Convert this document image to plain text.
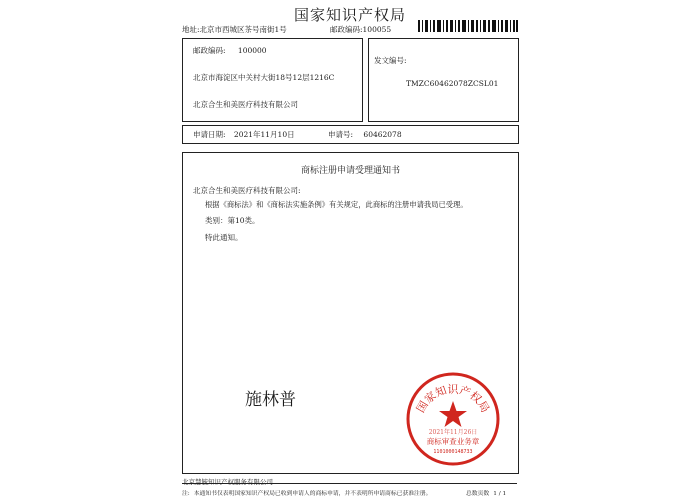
国家知识产权局
地址:北京市西城区茶号南街1号	邮政编码:100055
邮政编码: 100000
北京市海淀区中关村大街18号12层1216C
北京合生和美医疗科技有限公司
发文编号:
TMZC60462078ZCSL01
申请日期: 2021年11月10日	申请号: 60462078
商标注册申请受理通知书
北京合生和美医疗科技有限公司:
根据《商标法》和《商标法实施条例》有关规定，此商标的注册申请我局已受理。
类别：第10类。
特此通知。
施林普	国家知识产权局
2021年11月26日
商标审查业务章
1101000148733
北京慧毓知识产权服务有限公司
注: 本通知书仅表明国家知识产权局已收到申请人的商标申请，并不表明所申请商标已获准注册。	总数页数 1 / 1
